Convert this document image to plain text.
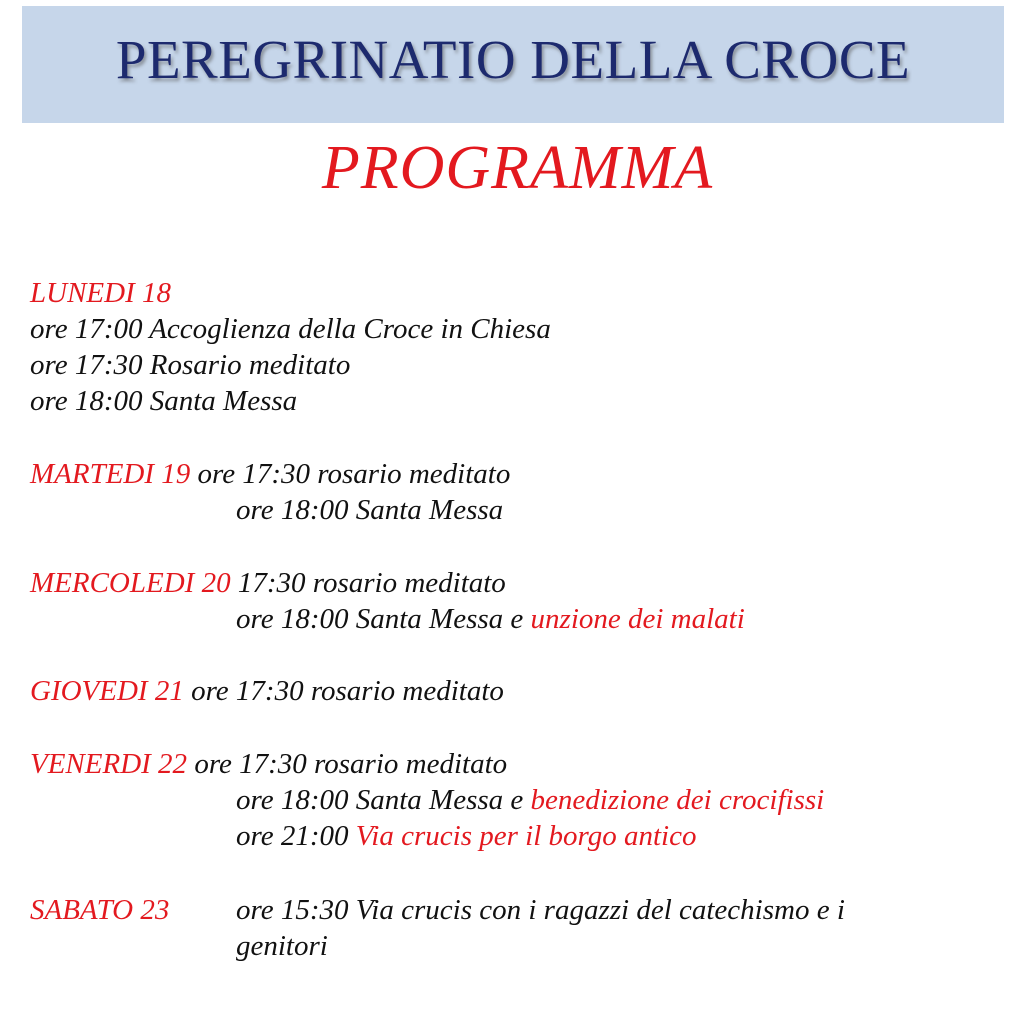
PEREGRINATIO DELLA CROCE
PROGRAMMA
LUNEDI 18
ore 17:00 Accoglienza della Croce in Chiesa
ore 17:30 Rosario meditato
ore 18:00 Santa Messa
MARTEDI 19 ore 17:30 rosario meditato
ore 18:00 Santa Messa
MERCOLEDI 20 17:30 rosario meditato
ore 18:00 Santa Messa e unzione dei malati
GIOVEDI 21 ore 17:30 rosario meditato
VENERDI 22 ore 17:30 rosario meditato
ore 18:00 Santa Messa e benedizione dei crocifissi
ore 21:00 Via crucis per il borgo antico
SABATO 23 ore 15:30 Via crucis con i ragazzi del catechismo e i
genitori
